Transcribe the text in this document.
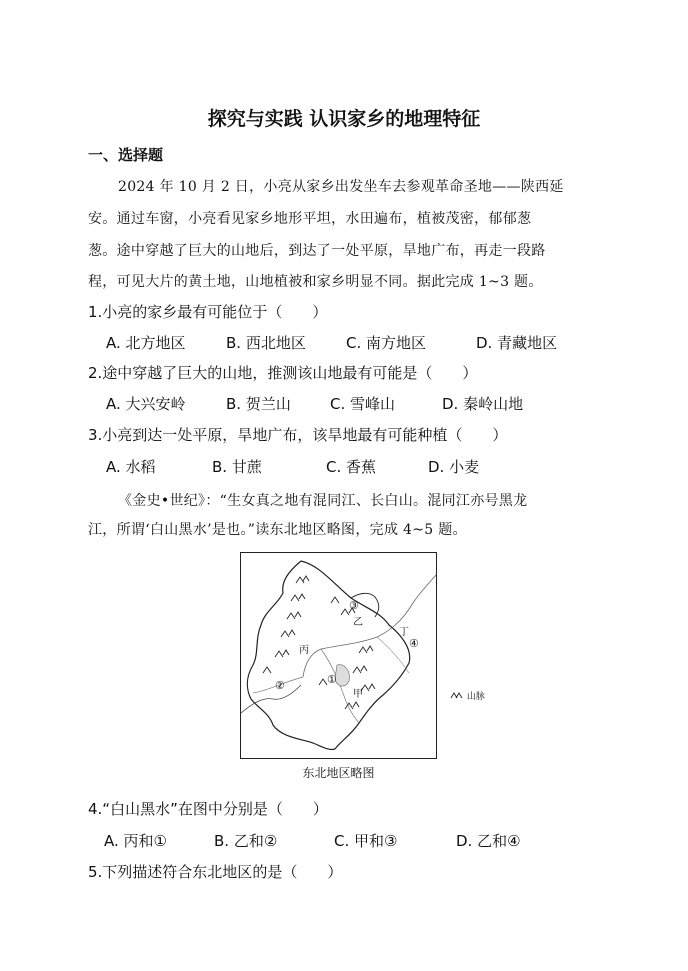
探究与实践 认识家乡的地理特征
一、选择题
2024 年 10 月 2 日，小亮从家乡出发坐车去参观革命圣地——陕西延
安。通过车窗，小亮看见家乡地形平坦，水田遍布，植被茂密，郁郁葱
葱。途中穿越了巨大的山地后，到达了一处平原，旱地广布，再走一段路
程，可见大片的黄土地，山地植被和家乡明显不同。据此完成 1~3 题。
1.小亮的家乡最有可能位于（　　）
A. 北方地区	B. 西北地区	C. 南方地区	D. 青藏地区
2.途中穿越了巨大的山地，推测该山地最有可能是（　　）
A. 大兴安岭	B. 贺兰山	C. 雪峰山	D. 秦岭山地
3.小亮到达一处平原，旱地广布，该旱地最有可能种植（　　）
A. 水稻	B. 甘蔗	C. 香蕉	D. 小麦
《金史•世纪》：“生女真之地有混同江、长白山。混同江亦号黑龙
江，所谓‘白山黑水’是也。”读东北地区略图，完成 4~5 题。
③
乙
丁
④
丙
①
②
甲	山脉
东北地区略图
4.“白山黑水”在图中分别是（　　）
A. 丙和①	B. 乙和②	C. 甲和③	D. 乙和④
5.下列描述符合东北地区的是（　　）
